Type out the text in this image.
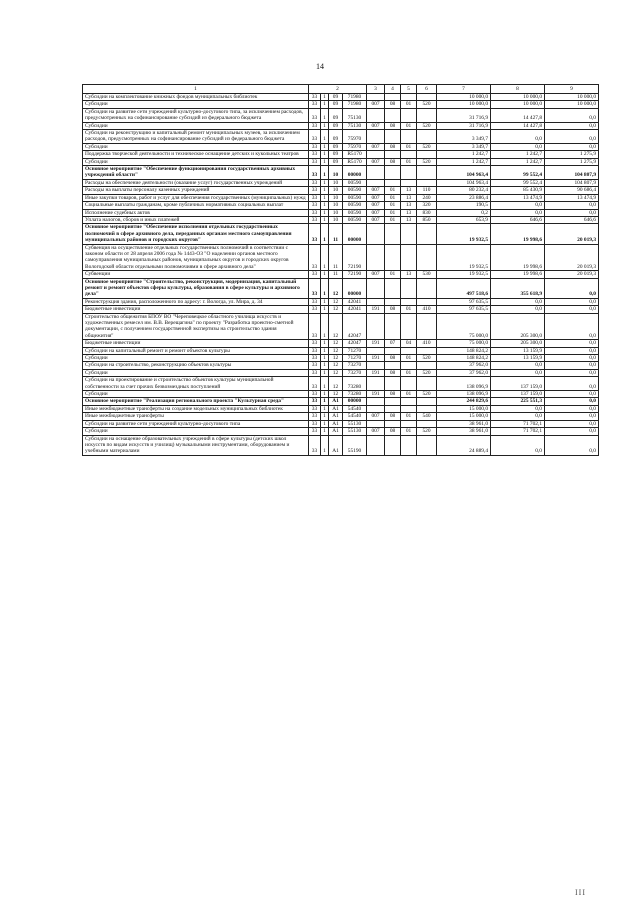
14
1	2				3	4	5	6	7	8	9
Субсидии на комплектование книжных фондов муниципальных библиотек	33	1	09	71980					10 000,0	10 000,0	10 000,0
Субсидии	33	1	09	71980	007	08	01	520	10 000,0	10 000,0	10 000,0
Субсидии на развитие сети учреждений культурно-досугового типа, за исключением расходов, предусмотренных на софинансирование субсидий из федерального бюджета	33	1	09	75130					31 716,9	14 427,8	0,0
Субсидии	33	1	09	75130	007	08	01	520	31 716,9	14 427,8	0,0
Субсидии на реконструкцию и капитальный ремонт муниципальных музеев, за исключением расходов, предусмотренных на софинансирование субсидий из федерального бюджета	33	1	09	75970					3 349,7	0,0	0,0
Субсидии	33	1	09	75970	007	08	01	520	3 349,7	0,0	0,0
Поддержка творческой деятельности и техническое оснащение детских и кукольных театров	33	1	09	R5170					1 242,7	1 242,7	1 275,9
Субсидии	33	1	09	R5170	007	08	01	520	1 242,7	1 242,7	1 275,9
Основное мероприятие "Обеспечение функционирования государственных архивных учреждений области"	33	1	10	00000					104 963,4	99 552,4	104 807,9
Расходы на обеспечение деятельности (оказание услуг) государственных учреждений	33	1	10	00590					104 963,4	99 552,4	104 807,9
Расходы на выплаты персоналу казенных учреждений	33	1	10	00590	007	01	13	110	80 232,4	85 430,9	90 686,4
Иные закупки товаров, работ и услуг для обеспечения государственных (муниципальных) нужд	33	1	10	00590	007	01	13	240	23 886,4	13 474,9	13 474,9
Социальные выплаты гражданам, кроме публичных нормативных социальных выплат	33	1	10	00590	007	01	13	320	190,5	0,0	0,0
Исполнение судебных актов	33	1	10	00590	007	01	13	830	0,2	0,0	0,0
Уплата налогов, сборов и иных платежей	33	1	10	00590	007	01	13	850	653,9	646,6	646,6
Основное мероприятие "Обеспечение исполнения отдельных государственных полномочий в сфере архивного дела, переданных органам местного самоуправления муниципальных районов и городских округов"	33	1	11	00000					19 932,5	19 998,6	20 019,3
Субвенция на осуществление отдельных государственных полномочий в соответствии с законом области от 28 апреля 2006 года № 1443-ОЗ "О наделении органов местного самоуправления муниципальных районов, муниципальных округов и городских округов Вологодской области отдельными полномочиями в сфере архивного дела"	33	1	11	72190					19 932,5	19 998,6	20 019,3
Субвенции	33	1	11	72190	007	01	13	530	19 932,5	19 998,6	20 019,3
Основное мероприятие "Строительство, реконструкция, модернизация, капитальный ремонт и ремонт объектов сферы культуры, образования в сфере культуры и архивного дела"	33	1	12	00000					497 518,6	355 618,9	0,0
Реконструкция здания, расположенного по адресу: г. Вологда, ул. Мира, д. 34	33	1	12	42041					97 635,5	0,0	0,0
Бюджетные инвестиции	33	1	12	42041	191	08	01	410	97 635,5	0,0	0,0
Строительство общежития БПОУ ВО "Череповецкое областного училища искусств и художественных ремесел им. В.В. Верещагина" по проекту "Разработка проектно-сметной документации, с получением государственной экспертизы на строительство здания общежития"	33	1	12	42047					75 000,0	205 300,0	0,0
Бюджетные инвестиции	33	1	12	42047	191	07	04	410	75 000,0	205 300,0	0,0
Субсидии на капитальный ремонт и ремонт объектов культуры	33	1	12	71270					148 824,2	13 159,9	0,0
Субсидии	33	1	12	71270	191	08	01	520	148 824,2	13 159,9	0,0
Субсидии на строительство, реконструкцию объектов культуры	33	1	12	73270					37 962,0	0,0	0,0
Субсидии	33	1	12	73270	191	08	01	520	37 962,0	0,0	0,0
Субсидии на проектирование и строительство объектов культуры муниципальной собственности за счет прочих безвозмездных поступлений	33	1	12	73280					138 096,9	137 159,0	0,0
Субсидии	33	1	12	73280	191	08	01	520	138 096,9	137 159,0	0,0
Основное мероприятие "Реализация регионального проекта "Культурная среда"	33	1	A1	00000					244 829,6	225 551,3	0,0
Иные межбюджетные трансферты на создание модельных муниципальных библиотек	33	1	A1	54540					15 000,0	0,0	0,0
Иные межбюджетные трансферты	33	1	A1	54540	007	08	01	540	15 000,0	0,0	0,0
Субсидии на развитие сети учреждений культурно-досугового типа	33	1	A1	55130					38 961,0	71 702,1	0,0
Субсидии	33	1	A1	55130	007	08	01	520	38 961,0	71 702,1	0,0
Субсидии на оснащение образовательных учреждений в сфере культуры (детских школ искусств по видам искусств и училищ) музыкальными инструментами, оборудованием и учебными материалами	33	1	A1	55190					24 889,4	0,0	0,0
III
